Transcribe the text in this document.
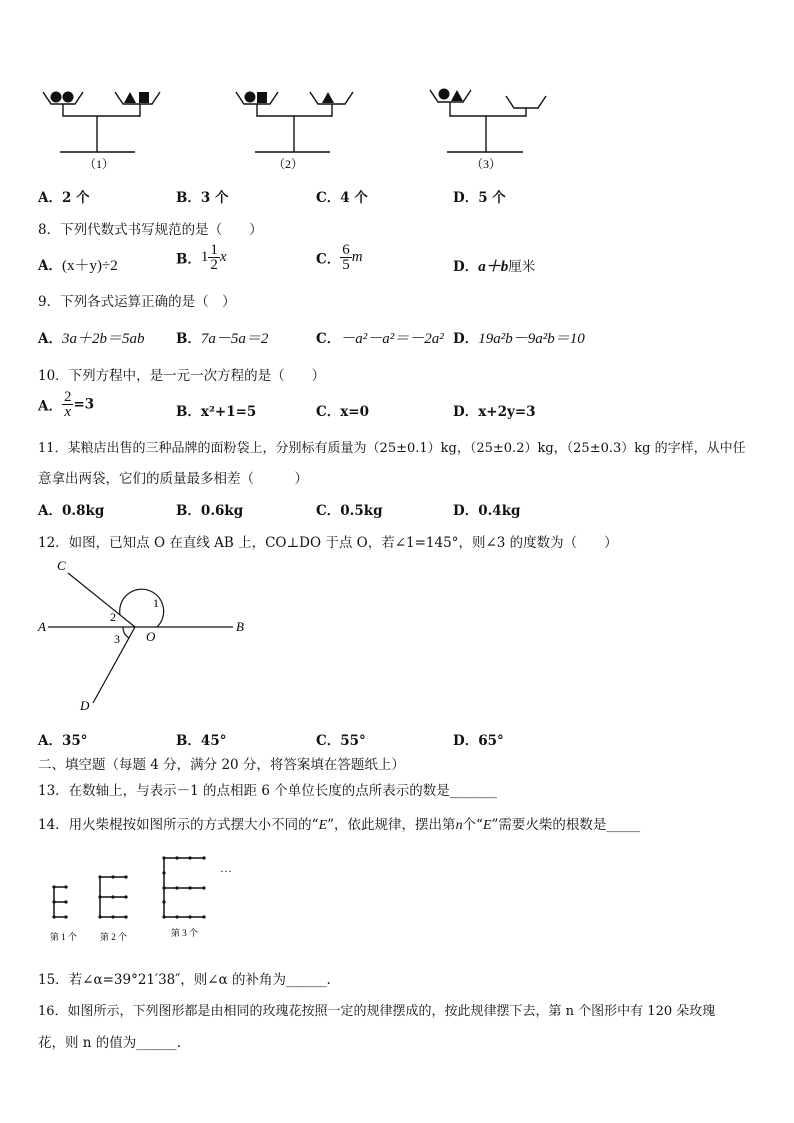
（1）	（2）	（3）
A．2 个	B．3 个	C．4 个	D．5 个
8．下列代数式书写规范的是（　　）
A．(x＋y)÷2	B．$1 \frac{1}{2}$ x	C． $\frac{6}{5}$ m
D．a＋b厘米
9．下列各式运算正确的是（　）
A．3a＋2b＝5ab B．7a－5a＝2	C．－a²－a²＝－2a² D．19a²b－9a²b＝10
10．下列方程中，是一元一次方程的是（　　）
A． $\frac{2}{x} =3$	B．x²+1=5	C．x=0	D．x+2y=3
11．某粮店出售的三种品牌的面粉袋上，分别标有质量为（25±0.1）kg，（25±0.2）kg，（25±0.3）kg 的字样，从中任
意拿出两袋，它们的质量最多相差（　　　）
A．0.8kg	B．0.6kg	C．0.5kg	D．0.4kg
12．如图，已知点 O 在直线 AB 上，CO⊥DO 于点 O，若∠1=145°，则∠3 的度数为（　　）
A	B
C
D
O
1
2
3
A．35°	B．45°	C．55°	D．65°
二、填空题（每题 4 分，满分 20 分，将答案填在答题纸上）
13．在数轴上，与表示－1 的点相距 6 个单位长度的点所表示的数是_______
14．用火柴棍按如图所示的方式摆大小不同的“E”，依此规律，摆出第n个“E”需要火柴的根数是_____
…
第 1 个	第 2 个	第 3 个
15．若∠α=39°21′38″，则∠α 的补角为______.
16．如图所示，下列图形都是由相同的玫瑰花按照一定的规律摆成的，按此规律摆下去，第 n 个图形中有 120 朵玫瑰
花，则 n 的值为______.
